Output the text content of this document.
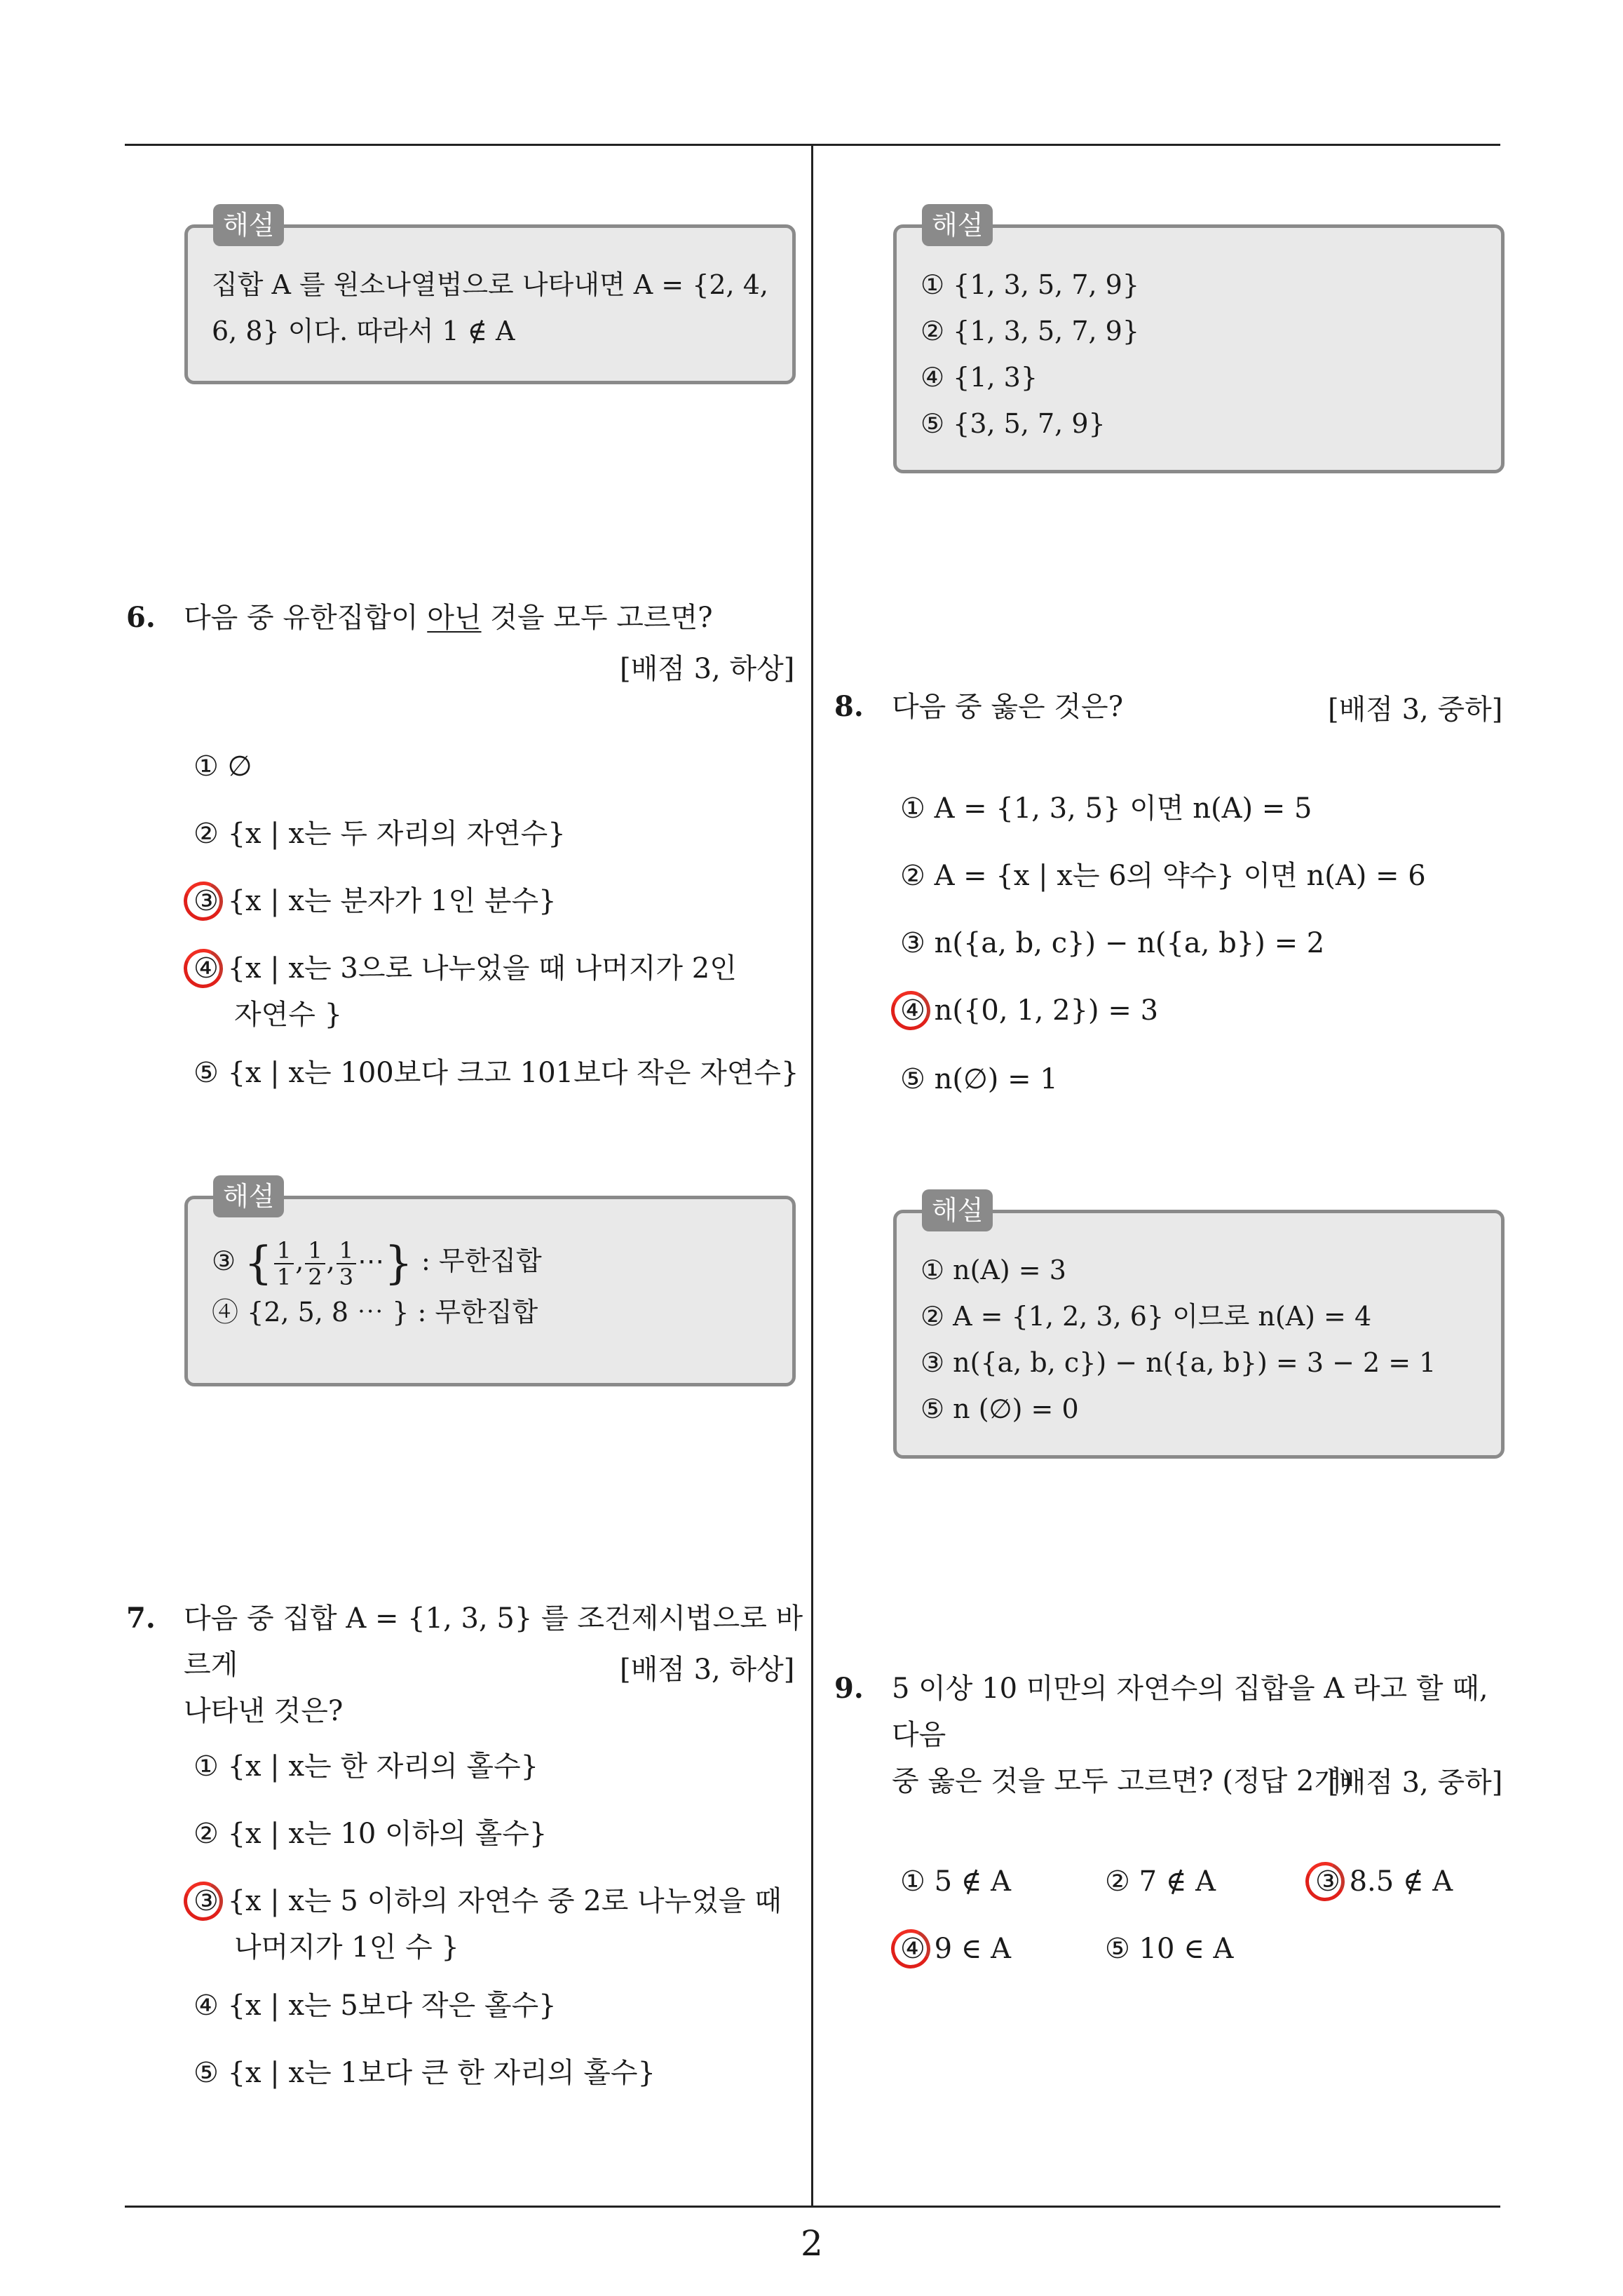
해설
집합 A 를 원소나열법으로 나타내면 A = {2, 4,
6, 8} 이다. 따라서 1 ∉ A
해설
① {1, 3, 5, 7, 9}
② {1, 3, 5, 7, 9}
④ {1, 3}
⑤ {3, 5, 7, 9}
6. 다음 중 유한집합이 아닌 것을 모두 고르면?
[배점 3, 하상]
① ∅
② {x | x는 두 자리의 자연수}
③ {x | x는 분자가 1인 분수}
④ {x | x는 3으로 나누었을 때 나머지가 2인
자연수 }
⑤ {x | x는 100보다 크고 101보다 작은 자연수}
해설
③ { $\frac{1}{1}$ , $\frac{1}{2}$ , $\frac{1}{3}$ ⋯} : 무한집합
④ {2, 5, 8 ⋯ } : 무한집합
7. 다음 중 집합 A = {1, 3, 5} 를 조건제시법으로 바르게
나타낸 것은?
[배점 3, 하상]
① {x | x는 한 자리의 홀수}
② {x | x는 10 이하의 홀수}
③ {x | x는 5 이하의 자연수 중 2로 나누었을 때
나머지가 1인 수 }
④ {x | x는 5보다 작은 홀수}
⑤ {x | x는 1보다 큰 한 자리의 홀수}
8. 다음 중 옳은 것은?	[배점 3, 중하]
① A = {1, 3, 5} 이면 n(A) = 5
② A = {x | x는 6의 약수} 이면 n(A) = 6
③ n({a, b, c}) − n({a, b}) = 2
④ n({0, 1, 2}) = 3
⑤ n(∅) = 1
해설
① n(A) = 3
② A = {1, 2, 3, 6} 이므로 n(A) = 4
③ n({a, b, c}) − n({a, b}) = 3 − 2 = 1
⑤ n (∅) = 0
9. 5 이상 10 미만의 자연수의 집합을 A 라고 할 때, 다음
중 옳은 것을 모두 고르면? (정답 2개)
[배점 3, 중하]
① 5 ∉ A	② 7 ∉ A	③ 8.5 ∉ A
④ 9 ∈ A	⑤ 10 ∈ A
2
